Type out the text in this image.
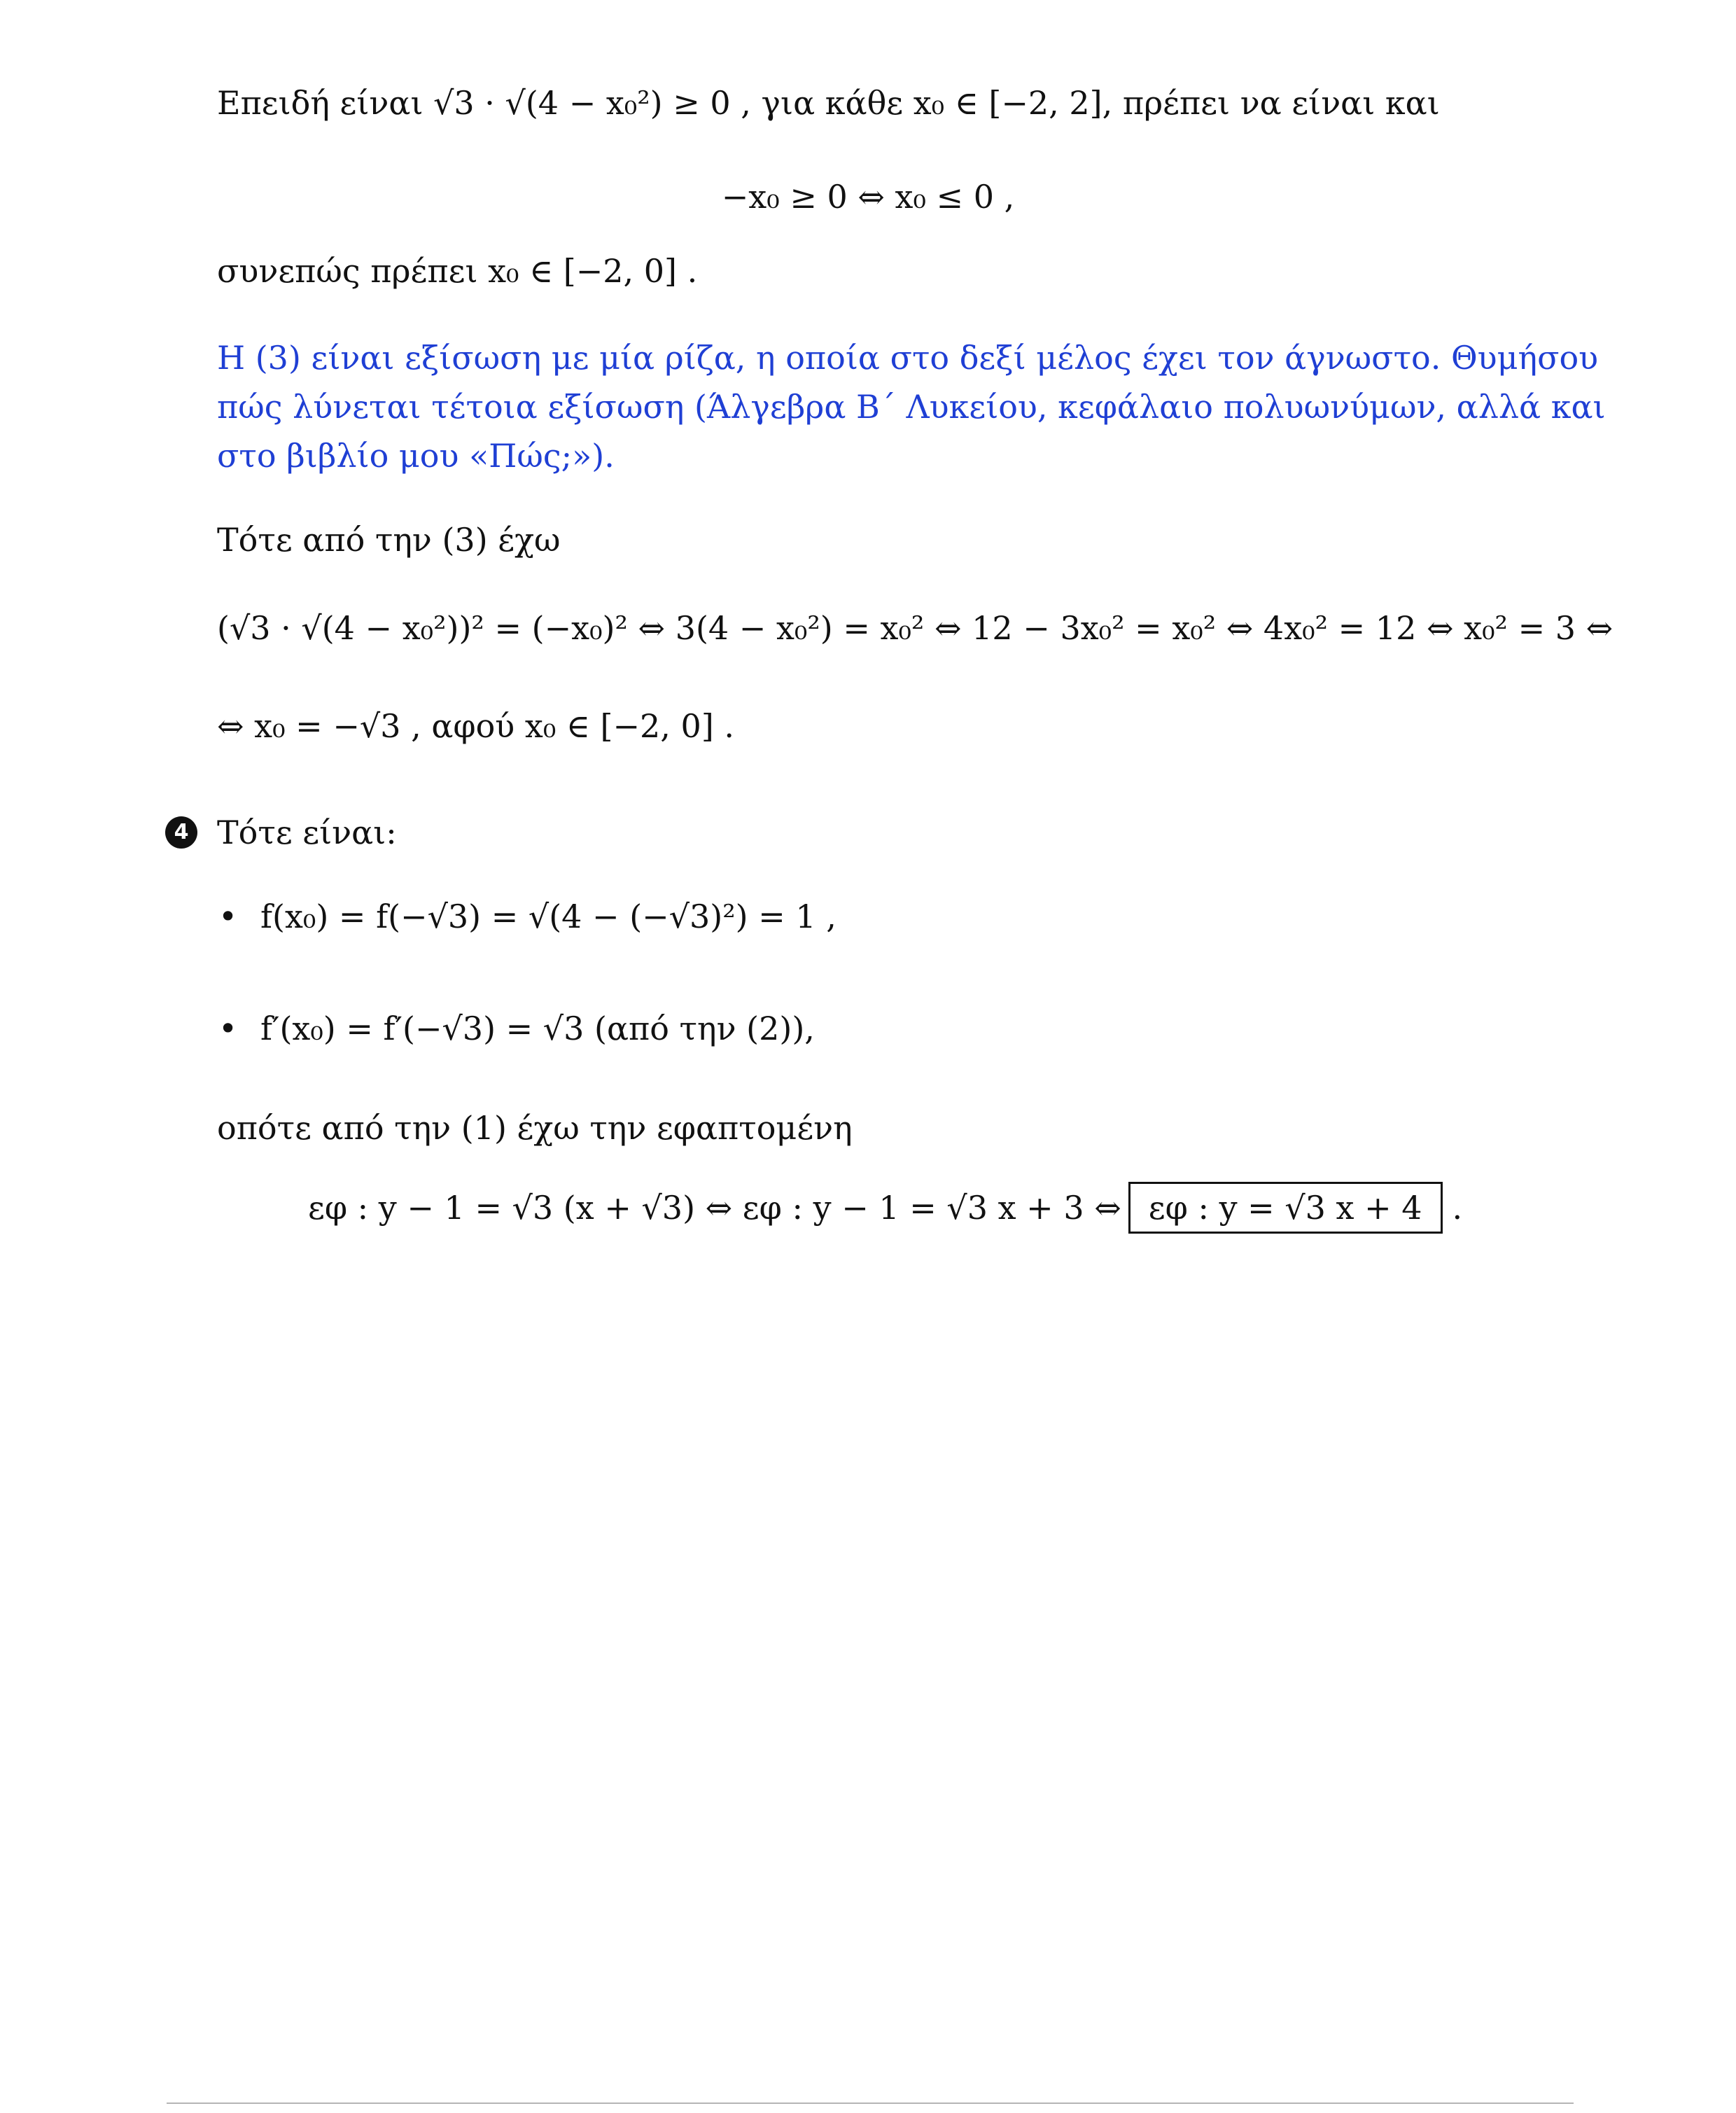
Επειδή είναι √3 · √(4 − x₀²) ≥ 0 , για κάθε x₀ ∈ [−2, 2], πρέπει να είναι και
−x₀ ≥ 0 ⇔ x₀ ≤ 0 ,
συνεπώς πρέπει x₀ ∈ [−2, 0] .
Η (3) είναι εξίσωση με μία ρίζα, η οποία στο δεξί μέλος έχει τον άγνωστο. Θυμήσου
πώς λύνεται τέτοια εξίσωση (Άλγεβρα Β΄ Λυκείου, κεφάλαιο πολυωνύμων, αλλά και
στο βιβλίο μου «Πώς;»).
Τότε από την (3) έχω
(√3 · √(4 − x₀²))² = (−x₀)² ⇔ 3(4 − x₀²) = x₀² ⇔ 12 − 3x₀² = x₀² ⇔ 4x₀² = 12 ⇔ x₀² = 3 ⇔
⇔ x₀ = −√3 , αφού x₀ ∈ [−2, 0] .
4 Τότε είναι:
• f(x₀) = f(−√3) = √(4 − (−√3)²) = 1 ,
• f′(x₀) = f′(−√3) = √3 (από την (2)),
οπότε από την (1) έχω την εφαπτομένη
εφ : y − 1 = √3 (x + √3) ⇔ εφ : y − 1 = √3 x + 3 ⇔ εφ : y = √3 x + 4 .
